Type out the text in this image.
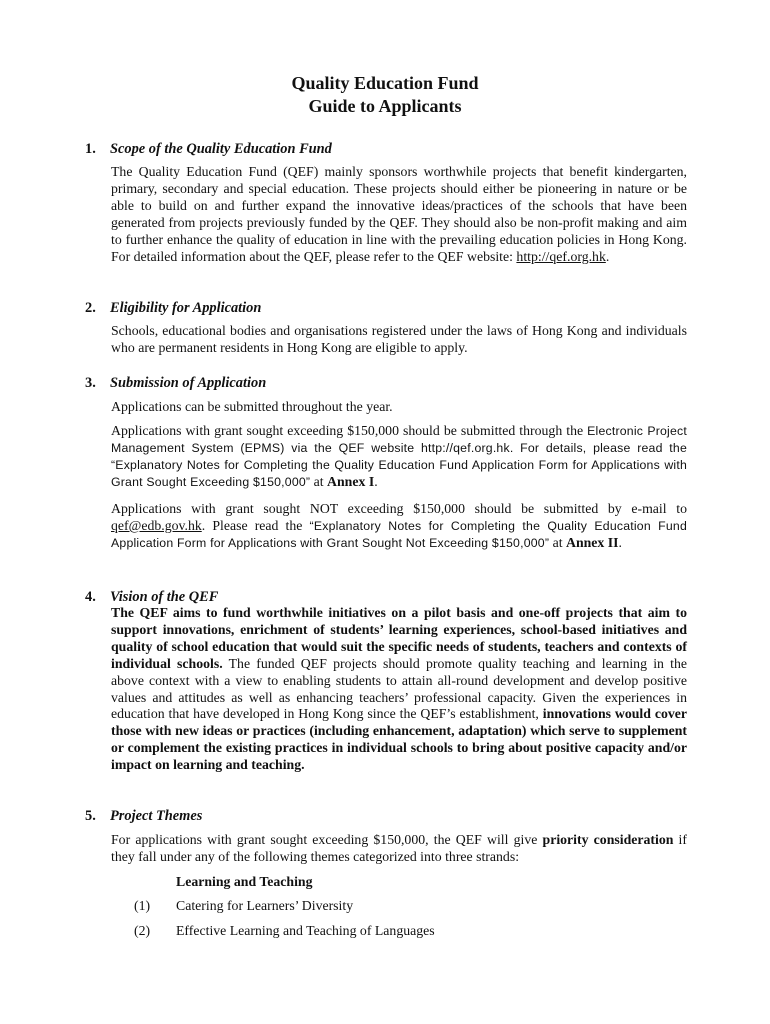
Quality Education Fund
Guide to Applicants
1. Scope of the Quality Education Fund

The Quality Education Fund (QEF) mainly sponsors worthwhile projects that benefit kindergarten, primary, secondary and special education. These projects should either be pioneering in nature or be able to build on and further expand the innovative ideas/practices of the schools that have been generated from projects previously funded by the QEF. They should also be non-profit making and aim to further enhance the quality of education in line with the prevailing education policies in Hong Kong. For detailed information about the QEF, please refer to the QEF website: http://qef.org.hk.

2. Eligibility for Application

Schools, educational bodies and organisations registered under the laws of Hong Kong and individuals who are permanent residents in Hong Kong are eligible to apply.

3. Submission of Application

Applications can be submitted throughout the year.

Applications with grant sought exceeding $150,000 should be submitted through the Electronic Project Management System (EPMS) via the QEF website http://qef.org.hk. For details, please read the “Explanatory Notes for Completing the Quality Education Fund Application Form for Applications with Grant Sought Exceeding $150,000” at Annex I.

Applications with grant sought NOT exceeding $150,000 should be submitted by e-mail to qef@edb.gov.hk. Please read the “Explanatory Notes for Completing the Quality Education Fund Application Form for Applications with Grant Sought Not Exceeding $150,000” at Annex II.

4. Vision of the QEF

The QEF aims to fund worthwhile initiatives on a pilot basis and one-off projects that aim to support innovations, enrichment of students’ learning experiences, school-based initiatives and quality of school education that would suit the specific needs of students, teachers and contexts of individual schools. The funded QEF projects should promote quality teaching and learning in the above context with a view to enabling students to attain all-round development and develop positive values and attitudes as well as enhancing teachers’ professional capacity. Given the experiences in education that have developed in Hong Kong since the QEF’s establishment, innovations would cover those with new ideas or practices (including enhancement, adaptation) which serve to supplement or complement the existing practices in individual schools to bring about positive capacity and/or impact on learning and teaching.

5. Project Themes

For applications with grant sought exceeding $150,000, the QEF will give priority consideration if they fall under any of the following themes categorized into three strands:

Learning and Teaching
(1) Catering for Learners’ Diversity
(2) Effective Learning and Teaching of Languages
